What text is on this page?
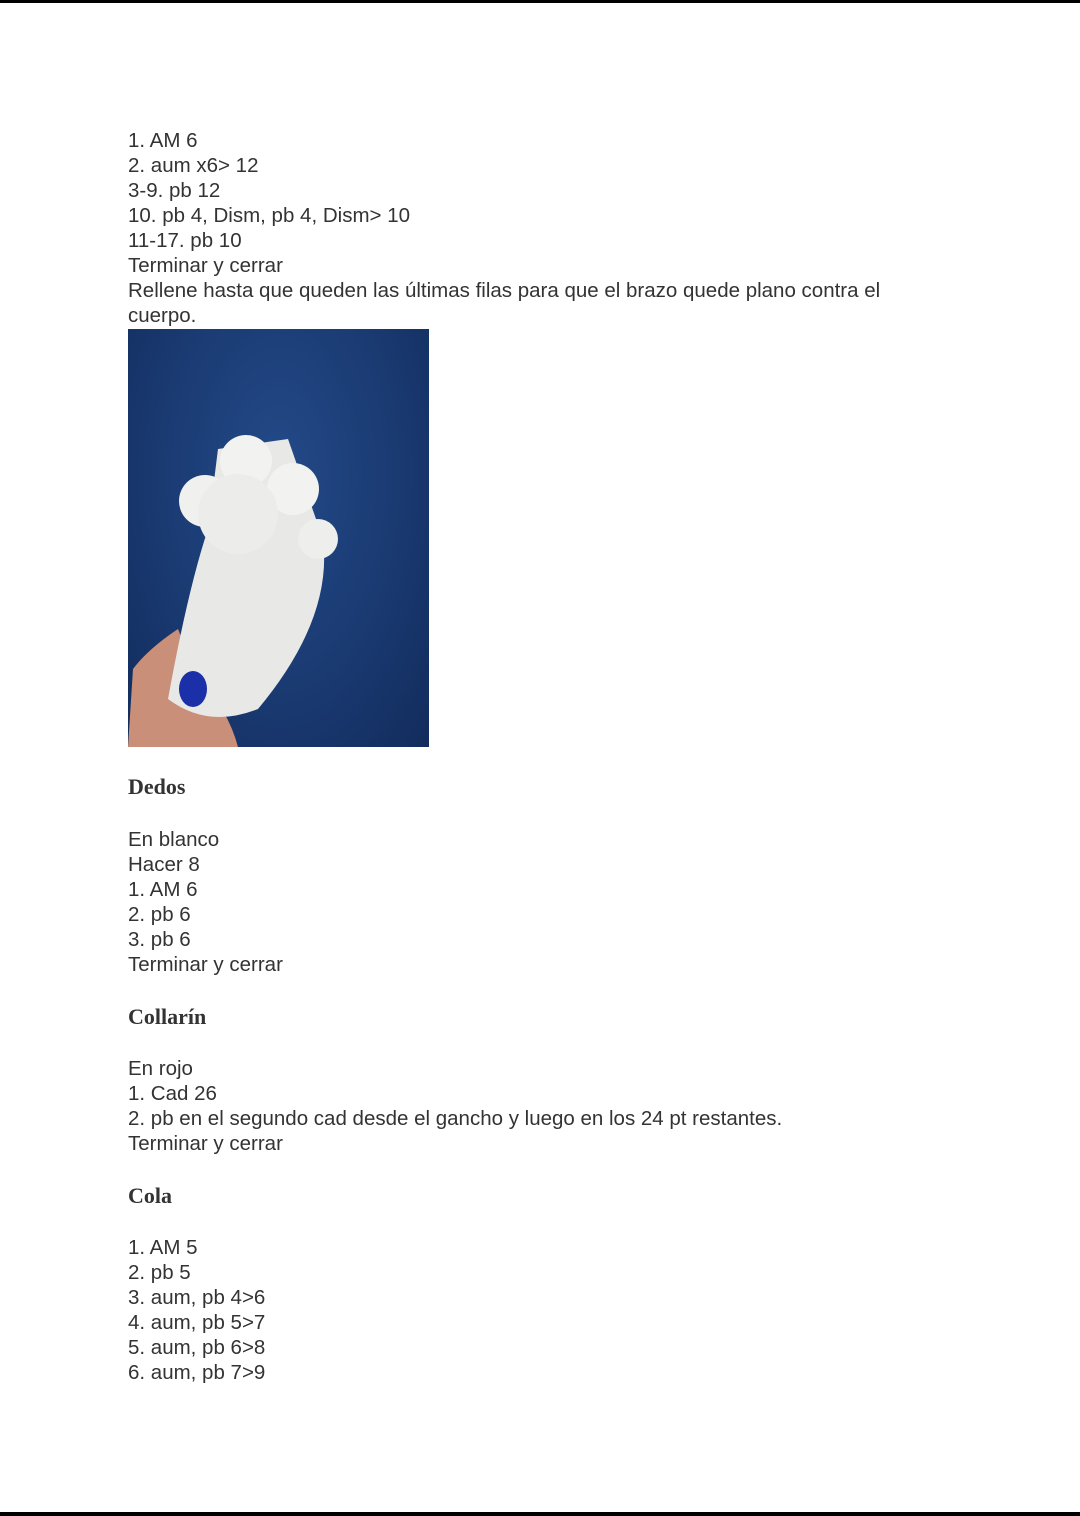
1. AM 6
2. aum x6> 12
3-9. pb 12
10. pb 4, Dism, pb 4, Dism> 10
11-17. pb 10
Terminar y cerrar
Rellene hasta que queden las últimas filas para que el brazo quede plano contra el cuerpo.
Dedos
En blanco
Hacer 8
1. AM 6
2. pb 6
3. pb 6
Terminar y cerrar
Collarín
En rojo
1. Cad 26
2. pb en el segundo cad desde el gancho y luego en los 24 pt restantes.
Terminar y cerrar
Cola
1. AM 5
2. pb 5
3. aum, pb 4>6
4. aum, pb 5>7
5. aum, pb 6>8
6. aum, pb 7>9
